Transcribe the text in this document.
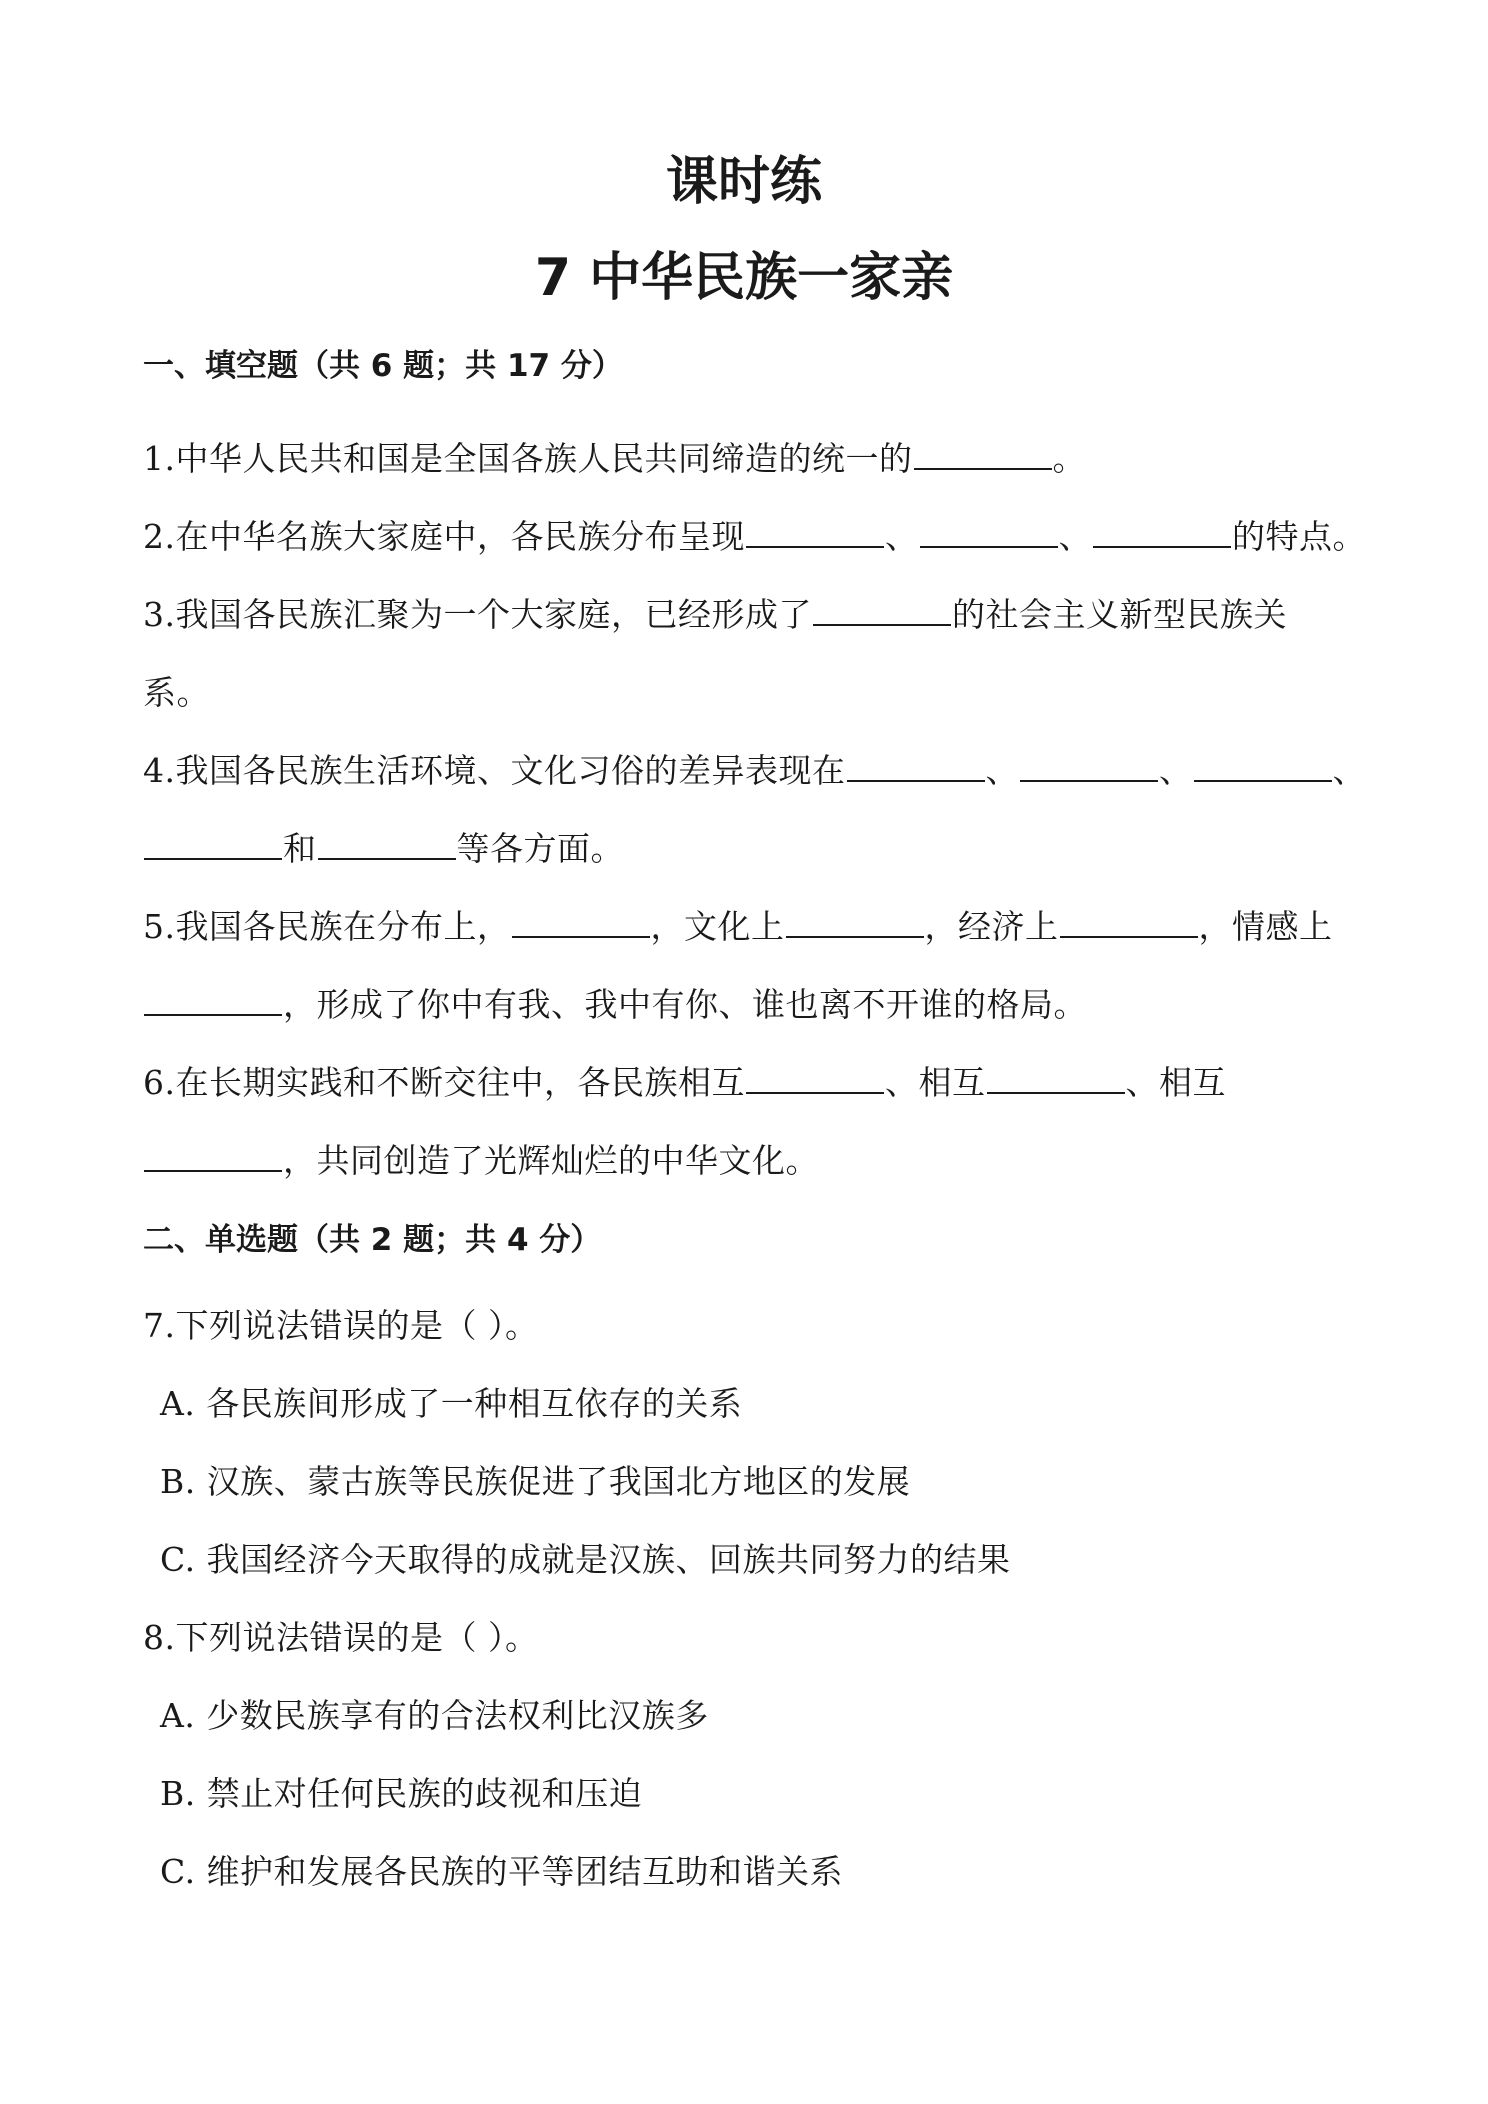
课时练
7 中华民族一家亲
一、填空题（共 6 题；共 17 分）
1.中华人民共和国是全国各族人民共同缔造的统一的	。
2.在中华名族大家庭中，各民族分布呈现	、	、	的特点。
3.我国各民族汇聚为一个大家庭，已经形成了	的社会主义新型民族关
系。
4.我国各民族生活环境、文化习俗的差异表现在	、	、	、
和	等各方面。
5.我国各民族在分布上，	，文化上	，经济上	，情感上
，形成了你中有我、我中有你、谁也离不开谁的格局。
6.在长期实践和不断交往中，各民族相互	、相互	、相互
，共同创造了光辉灿烂的中华文化。
二、单选题（共 2 题；共 4 分）
7.下列说法错误的是（ ）。
A. 各民族间形成了一种相互依存的关系
B. 汉族、蒙古族等民族促进了我国北方地区的发展
C. 我国经济今天取得的成就是汉族、回族共同努力的结果
8.下列说法错误的是（ ）。
A. 少数民族享有的合法权利比汉族多
B. 禁止对任何民族的歧视和压迫
C. 维护和发展各民族的平等团结互助和谐关系
